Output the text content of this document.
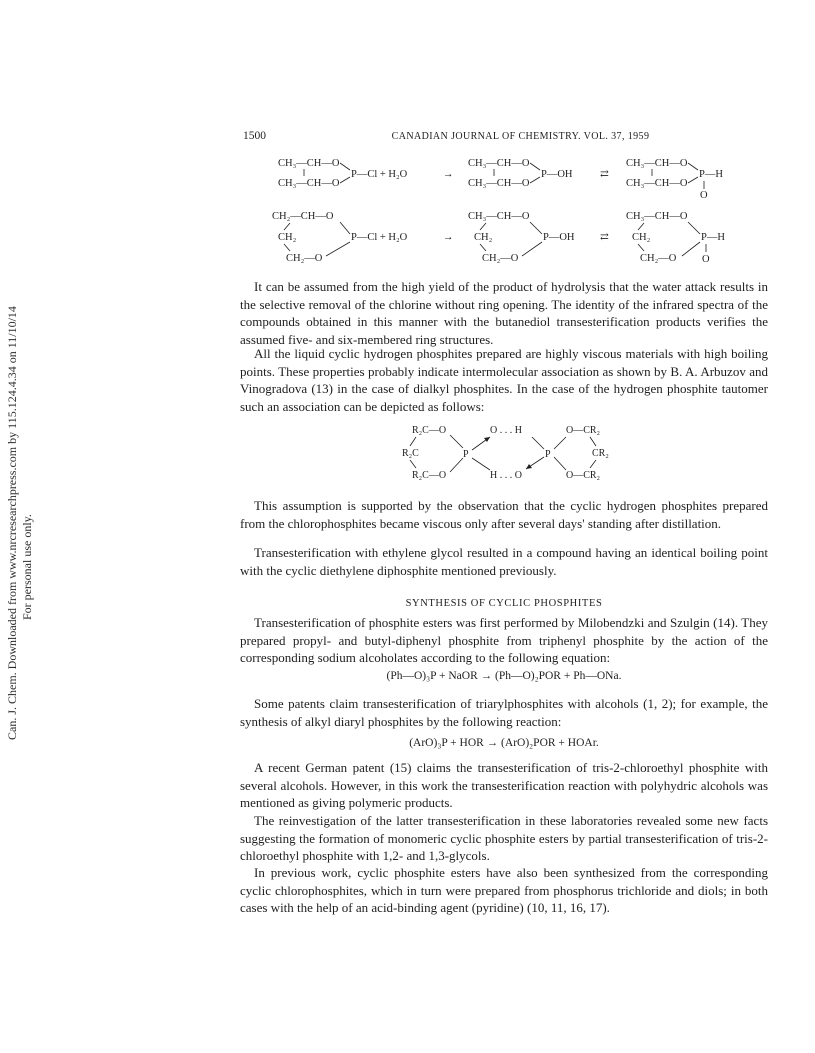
Can. J. Chem. Downloaded from www.nrcresearchpress.com by 115.124.4.34 on 11/10/14 For personal use only.
1500	CANADIAN JOURNAL OF CHEMISTRY. VOL. 37, 1959
CH₃—CH—O
CH₃—CH—O
P—Cl + H₂O	→
CH₃—CH—O
CH₃—CH—O
P—OH	⇄
CH₃—CH—O
CH₃—CH—O
P—H
O
CH₂—CH—O
CH₂
CH₂—O
P—Cl + H₂O	→
CH₃—CH—O
CH₂
CH₂—O
P—OH ⇄
CH₃—CH—O
CH₂
CH₂—O
P—H
O

It can be assumed from the high yield of the product of hydrolysis that the water attack results in the selective removal of the chlorine without ring opening. The identity of the infrared spectra of the compounds obtained in this manner with the butanediol transesterification products verifies the assumed five- and six-membered ring structures.

All the liquid cyclic hydrogen phosphites prepared are highly viscous materials with high boiling points. These properties probably indicate intermolecular association as shown by B. A. Arbuzov and Vinogradova (13) in the case of dialkyl phosphites. In the case of the hydrogen phosphite tautomer such an association can be depicted as follows:

R₂C—O
R₂C
R₂C—O
P
O . . . H
H . . . O
P
O—CR₂
CR₂
O—CR₂

This assumption is supported by the observation that the cyclic hydrogen phosphites prepared from the chlorophosphites became viscous only after several days' standing after distillation.

Transesterification with ethylene glycol resulted in a compound having an identical boiling point with the cyclic diethylene diphosphite mentioned previously.

SYNTHESIS OF CYCLIC PHOSPHITES

Transesterification of phosphite esters was first performed by Milobendzki and Szulgin (14). They prepared propyl- and butyl-diphenyl phosphite from triphenyl phosphite by the action of the corresponding sodium alcoholates according to the following equation:

(Ph—O)₃P + NaOR → (Ph—O)₂POR + Ph—ONa.

Some patents claim transesterification of triarylphosphites with alcohols (1, 2); for example, the synthesis of alkyl diaryl phosphites by the following reaction:

(ArO)₃P + HOR → (ArO)₂POR + HOAr.

A recent German patent (15) claims the transesterification of tris-2-chloroethyl phosphite with several alcohols. However, in this work the transesterification reaction with polyhydric alcohols was mentioned as giving polymeric products.

The reinvestigation of the latter transesterification in these laboratories revealed some new facts suggesting the formation of monomeric cyclic phosphite esters by partial transesterification of tris-2-chloroethyl phosphite with 1,2- and 1,3-glycols.

In previous work, cyclic phosphite esters have also been synthesized from the corresponding cyclic chlorophosphites, which in turn were prepared from phosphorus trichloride and diols; in both cases with the help of an acid-binding agent (pyridine) (10, 11, 16, 17).
